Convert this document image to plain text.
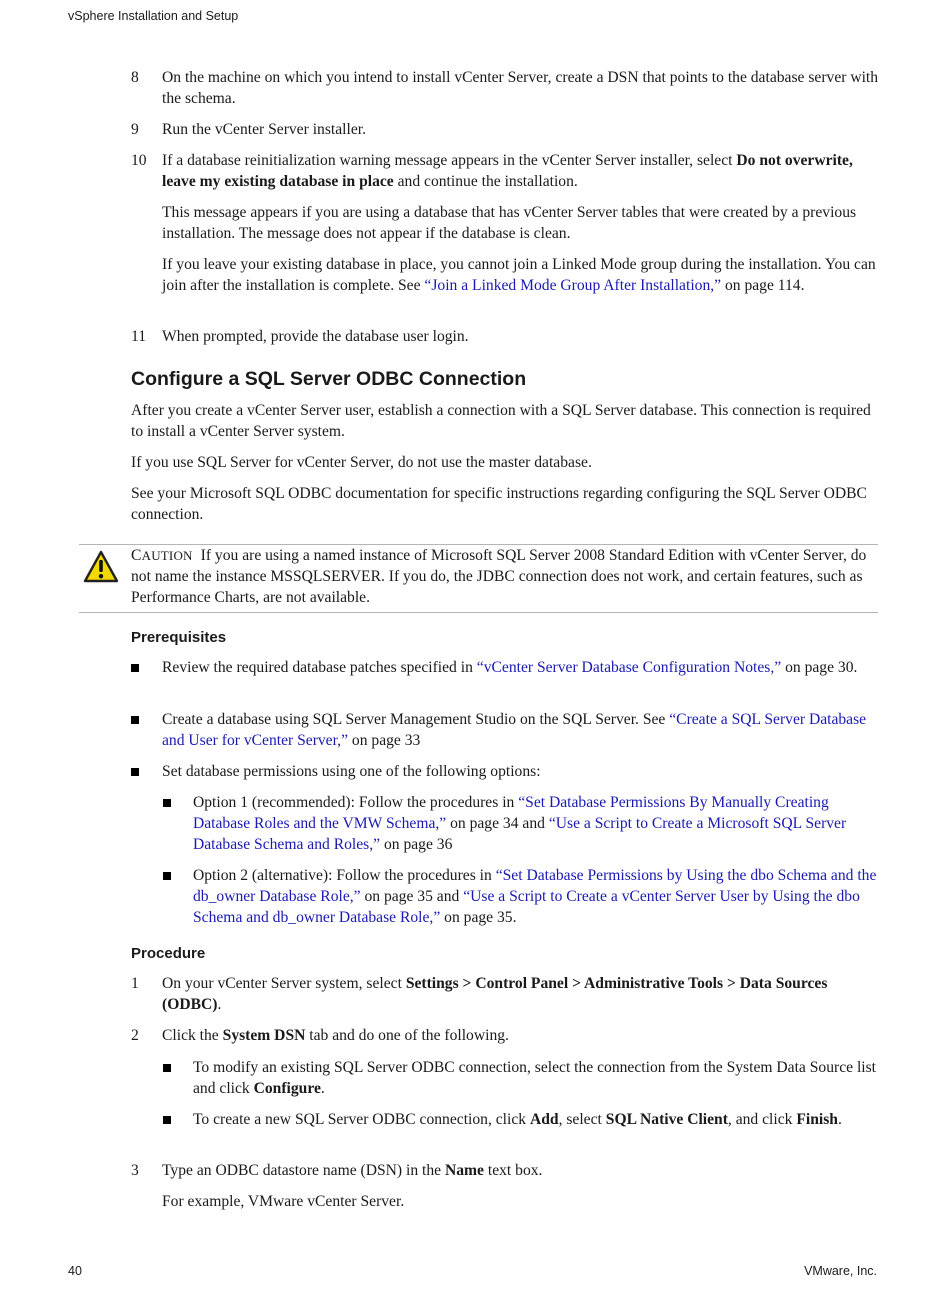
vSphere Installation and Setup
8 On the machine on which you intend to install vCenter Server, create a DSN that points to the database server with the schema.
9 Run the vCenter Server installer.
10 If a database reinitialization warning message appears in the vCenter Server installer, select Do not overwrite, leave my existing database in place and continue the installation.
This message appears if you are using a database that has vCenter Server tables that were created by a previous installation. The message does not appear if the database is clean.
If you leave your existing database in place, you cannot join a Linked Mode group during the installation. You can join after the installation is complete. See “Join a Linked Mode Group After Installation,” on page 114.
11 When prompted, provide the database user login.
Configure a SQL Server ODBC Connection
After you create a vCenter Server user, establish a connection with a SQL Server database. This connection is required to install a vCenter Server system.
If you use SQL Server for vCenter Server, do not use the master database.
See your Microsoft SQL ODBC documentation for specific instructions regarding configuring the SQL Server ODBC connection.
CAUTION If you are using a named instance of Microsoft SQL Server 2008 Standard Edition with vCenter Server, do not name the instance MSSQLSERVER. If you do, the JDBC connection does not work, and certain features, such as Performance Charts, are not available.
Prerequisites
Review the required database patches specified in “vCenter Server Database Configuration Notes,” on page 30.
Create a database using SQL Server Management Studio on the SQL Server. See “Create a SQL Server Database and User for vCenter Server,” on page 33
Set database permissions using one of the following options:
Option 1 (recommended): Follow the procedures in “Set Database Permissions By Manually Creating Database Roles and the VMW Schema,” on page 34 and “Use a Script to Create a Microsoft SQL Server Database Schema and Roles,” on page 36
Option 2 (alternative): Follow the procedures in “Set Database Permissions by Using the dbo Schema and the db_owner Database Role,” on page 35 and “Use a Script to Create a vCenter Server User by Using the dbo Schema and db_owner Database Role,” on page 35.
Procedure
1 On your vCenter Server system, select Settings > Control Panel > Administrative Tools > Data Sources (ODBC).
2 Click the System DSN tab and do one of the following.
To modify an existing SQL Server ODBC connection, select the connection from the System Data Source list and click Configure.
To create a new SQL Server ODBC connection, click Add, select SQL Native Client, and click Finish.
3 Type an ODBC datastore name (DSN) in the Name text box.
For example, VMware vCenter Server.
40	VMware, Inc.
